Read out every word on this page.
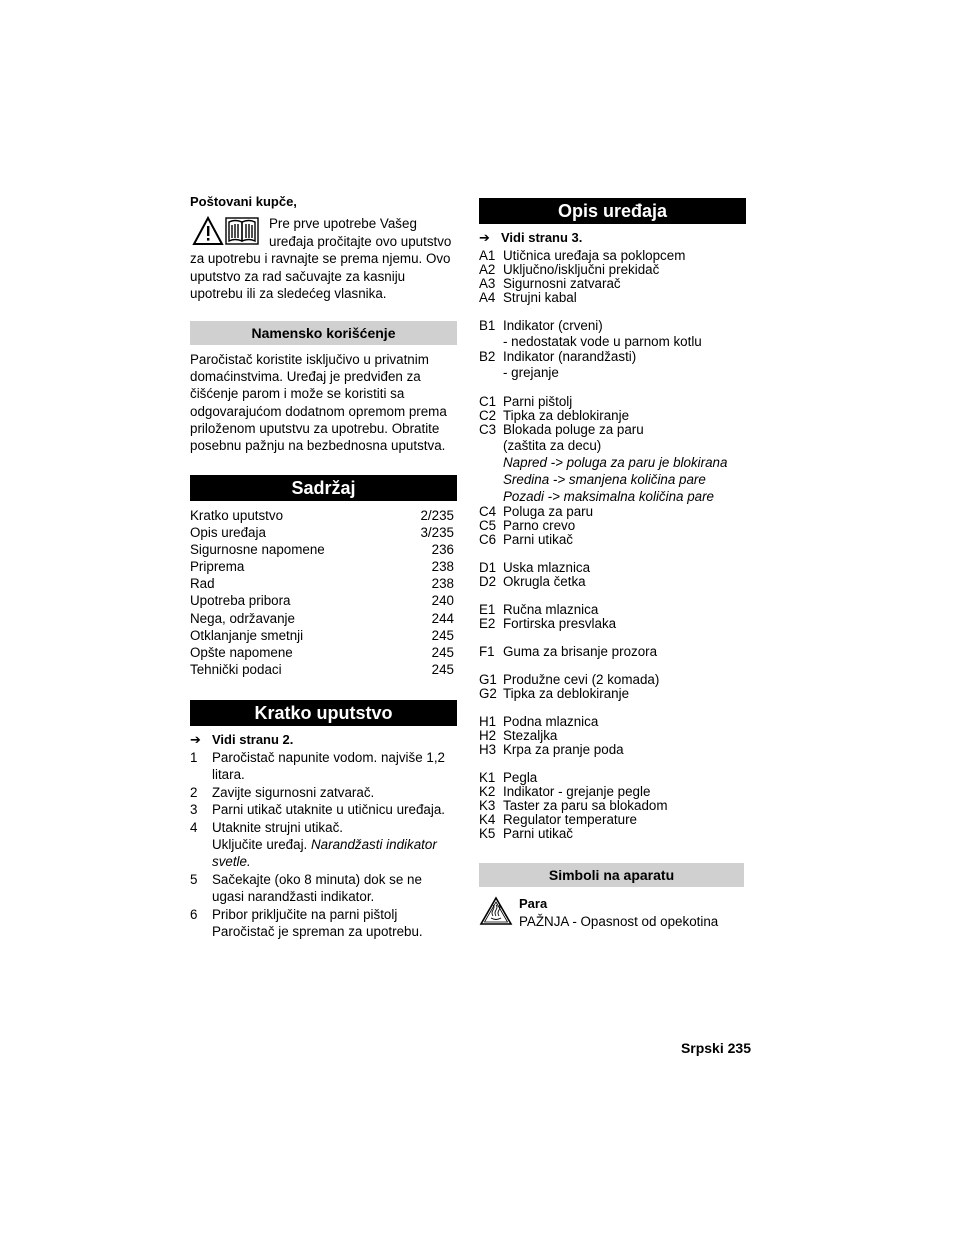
Poštovani kupče,
Pre prve upotrebe Vašeg uređaja pročitajte ovo uputstvo
za upotrebu i ravnajte se prema njemu. Ovo uputstvo za rad sačuvajte za kasniju upotrebu ili za sledećeg vlasnika.
Namensko korišćenje
Paročistač koristite isključivo u privatnim domaćinstvima. Uređaj je predviđen za čišćenje parom i može se koristiti sa odgovarajućom dodatnom opremom prema priloženom uputstvu za upotrebu. Obratite posebnu pažnju na bezbednosna uputstva.
Sadržaj
Kratko uputstvo	2/235
Opis uređaja	3/235
Sigurnosne napomene	236
Priprema	238
Rad	238
Upotreba pribora	240
Nega, održavanje	244
Otklanjanje smetnji	245
Opšte napomene	245
Tehnički podaci	245
Kratko uputstvo
➔ Vidi stranu 2.
1	Paročistač napunite vodom. najviše 1,2 litara.
2	Zavijte sigurnosni zatvarač.
3	Parni utikač utaknite u utičnicu uređaja.
4	Utaknite strujni utikač.
Uključite uređaj. Narandžasti indikator svetle.
5	Sačekajte (oko 8 minuta) dok se ne ugasi narandžasti indikator.
6	Pribor priključite na parni pištolj
Paročistač je spreman za upotrebu.
Opis uređaja
➔ Vidi stranu 3.
A1 Utičnica uređaja sa poklopcem
A2 Uključno/isključni prekidač
A3 Sigurnosni zatvarač
A4 Strujni kabal
B1 Indikator (crveni)
- nedostatak vode u parnom kotlu
B2 Indikator (narandžasti)
- grejanje
C1 Parni pištolj
C2 Tipka za deblokiranje
C3 Blokada poluge za paru
(zaštita za decu)
Napred -> poluga za paru je blokirana
Sredina -> smanjena količina pare
Pozadi -> maksimalna količina pare
C4 Poluga za paru
C5 Parno crevo
C6 Parni utikač
D1 Uska mlaznica
D2 Okrugla četka
E1 Ručna mlaznica
E2 Fortirska presvlaka
F1 Guma za brisanje prozora
G1 Produžne cevi (2 komada)
G2 Tipka za deblokiranje
H1 Podna mlaznica
H2 Stezaljka
H3 Krpa za pranje poda
K1 Pegla
K2 Indikator - grejanje pegle
K3 Taster za paru sa blokadom
K4 Regulator temperature
K5 Parni utikač
Simboli na aparatu
Para
PAŽNJA - Opasnost od opekotina
Srpski 235
